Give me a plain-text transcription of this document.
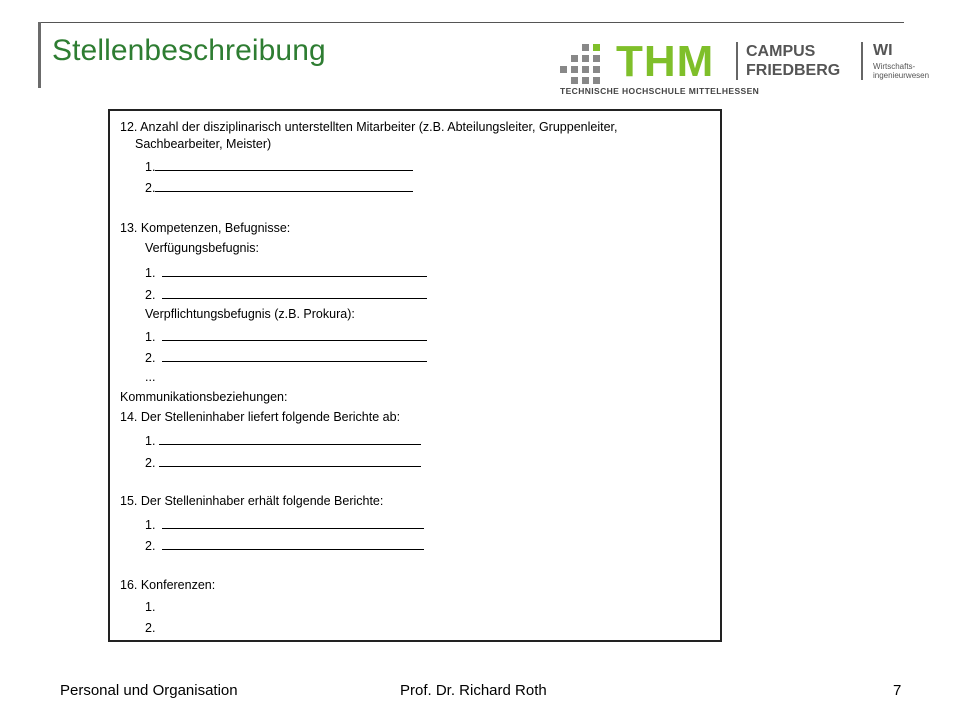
Stellenbeschreibung	THM
TECHNISCHE HOCHSCHULE MITTELHESSEN
CAMPUS
FRIEDBERG
WI
Wirtschafts-
ingenieurwesen
12. Anzahl der disziplinarisch unterstellten Mitarbeiter (z.B. Abteilungsleiter, Gruppenleiter,
Sachbearbeiter, Meister)
1.
2.
13. Kompetenzen, Befugnisse:
Verfügungsbefugnis:
1.
2.
Verpflichtungsbefugnis (z.B. Prokura):
1.
2.
...
Kommunikationsbeziehungen:
14. Der Stelleninhaber liefert folgende Berichte ab:
1.
2.
15. Der Stelleninhaber erhält folgende Berichte:
1.
2.
16. Konferenzen:
1.
2.
Personal und Organisation	Prof. Dr. Richard Roth	7
